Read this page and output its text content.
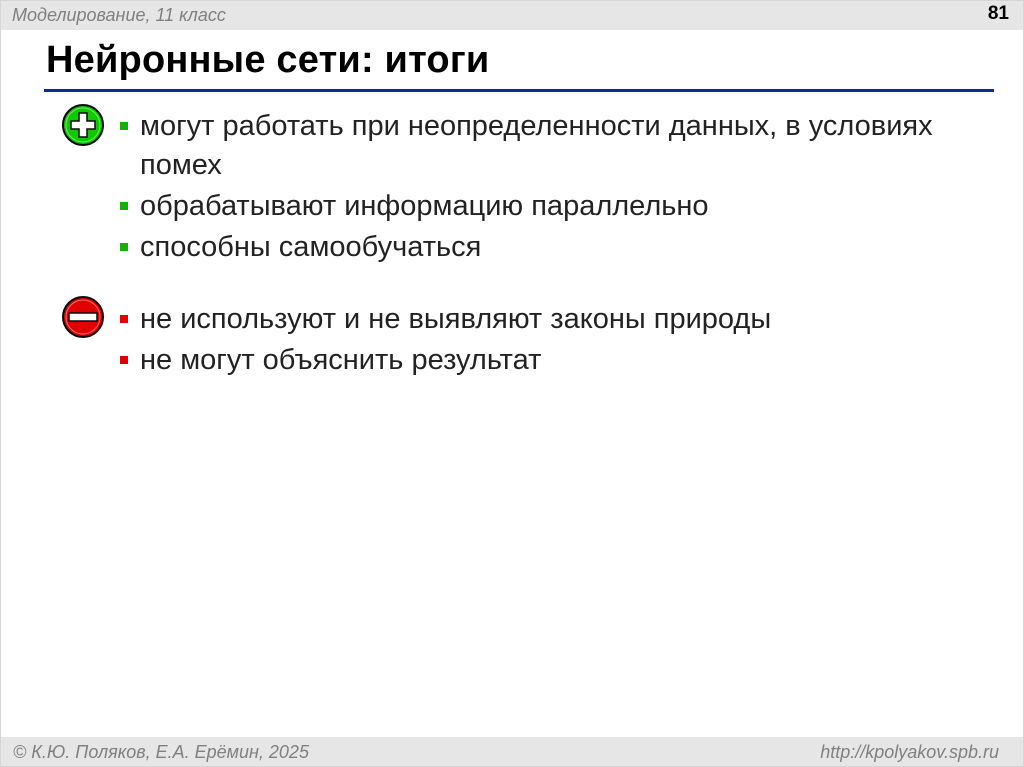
Моделирование, 11 класс	81
Нейронные сети: итоги
могут работать при неопределенности данных, в условиях помех
обрабатывают информацию параллельно
способны самообучаться
не используют и не выявляют законы природы
не могут объяснить результат
© К.Ю. Поляков, Е.А. Ерёмин, 2025	http://kpolyakov.spb.ru
